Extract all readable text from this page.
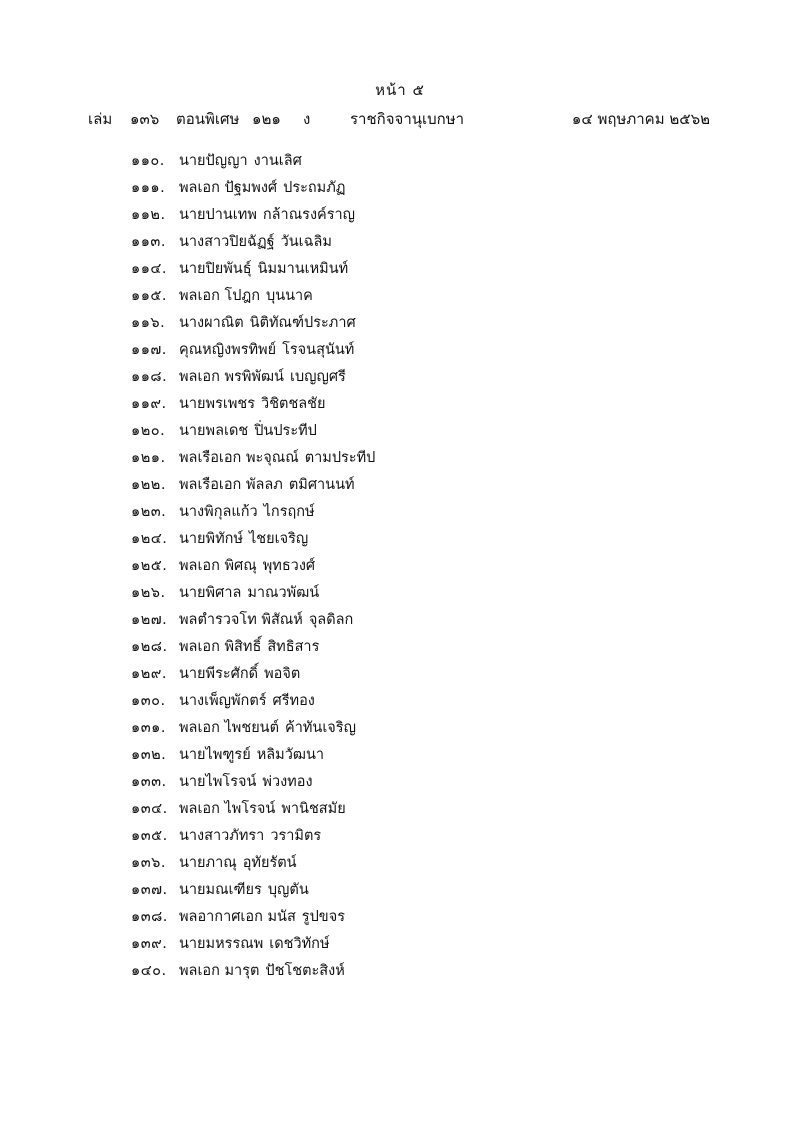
หน้า ๕
เล่ม ๑๓๖ ตอนพิเศษ ๑๒๑ ง	ราชกิจจานุเบกษา	๑๔ พฤษภาคม ๒๕๖๒
๑๑๐. นายปัญญา งานเลิศ
๑๑๑. พลเอก ปัฐมพงศ์ ประถมภัฏ
๑๑๒. นายปานเทพ กล้าณรงค์ราญ
๑๑๓. นางสาวปิยฉัฏฐ์ วันเฉลิม
๑๑๔. นายปิยพันธุ์ นิมมานเหมินท์
๑๑๕. พลเอก โปฎก บุนนาค
๑๑๖. นางผาณิต นิติทัณฑ์ประภาศ
๑๑๗. คุณหญิงพรทิพย์ โรจนสุนันท์
๑๑๘. พลเอก พรพิพัฒน์ เบญญศรี
๑๑๙. นายพรเพชร วิชิตชลชัย
๑๒๐. นายพลเดช ปิ่นประทีป
๑๒๑. พลเรือเอก พะจุณณ์ ตามประทีป
๑๒๒. พลเรือเอก พัลลภ ตมิศานนท์
๑๒๓. นางพิกุลแก้ว ไกรฤกษ์
๑๒๔. นายพิทักษ์ ไชยเจริญ
๑๒๕. พลเอก พิศณุ พุทธวงศ์
๑๒๖. นายพิศาล มาณวพัฒน์
๑๒๗. พลตำรวจโท พิสัณห์ จุลดิลก
๑๒๘. พลเอก พิสิทธิ์ สิทธิสาร
๑๒๙. นายพีระศักดิ์ พอจิต
๑๓๐. นางเพ็ญพักตร์ ศรีทอง
๑๓๑. พลเอก ไพชยนต์ ค้าทันเจริญ
๑๓๒. นายไพฑูรย์ หลิมวัฒนา
๑๓๓. นายไพโรจน์ พ่วงทอง
๑๓๔. พลเอก ไพโรจน์ พานิชสมัย
๑๓๕. นางสาวภัทรา วรามิตร
๑๓๖. นายภาณุ อุทัยรัตน์
๑๓๗. นายมณเฑียร บุญตัน
๑๓๘. พลอากาศเอก มนัส รูปขจร
๑๓๙. นายมหรรณพ เดชวิทักษ์
๑๔๐. พลเอก มารุต ปัชโชตะสิงห์
